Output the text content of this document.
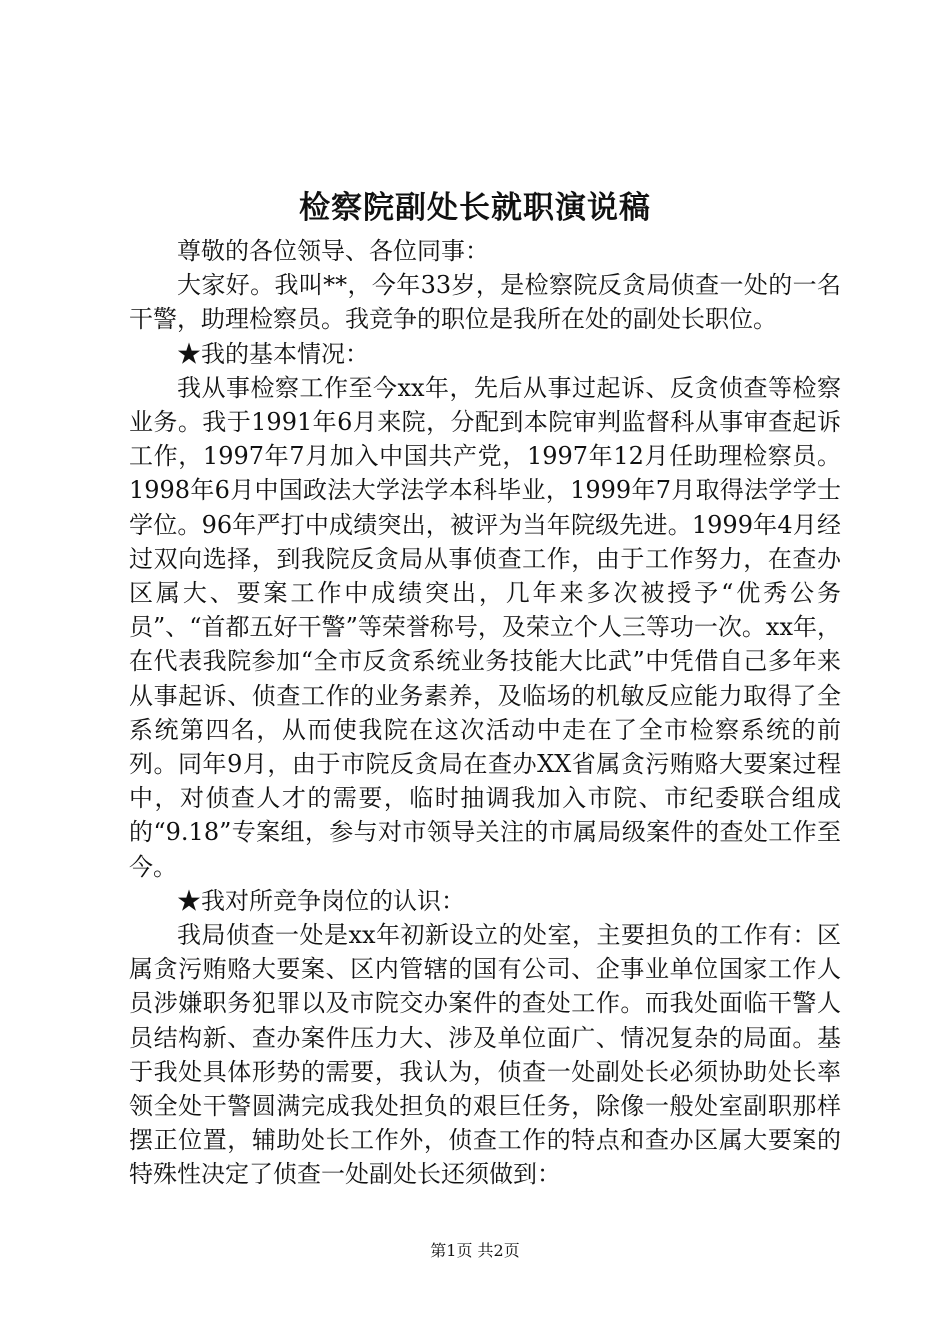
检察院副处长就职演说稿

尊敬的各位领导、各位同事：

大家好。我叫**，今年33岁，是检察院反贪局侦查一处的一名干警，助理检察员。我竞争的职位是我所在处的副处长职位。

★我的基本情况：

我从事检察工作至今xx年，先后从事过起诉、反贪侦查等检察业务。我于1991年6月来院，分配到本院审判监督科从事审查起诉工作，1997年7月加入中国共产党，1997年12月任助理检察员。1998年6月中国政法大学法学本科毕业，1999年7月取得法学学士学位。96年严打中成绩突出，被评为当年院级先进。1999年4月经过双向选择，到我院反贪局从事侦查工作，由于工作努力，在查办区属大、要案工作中成绩突出，几年来多次被授予“优秀公务员”、“首都五好干警”等荣誉称号，及荣立个人三等功一次。xx年，在代表我院参加“全市反贪系统业务技能大比武”中凭借自己多年来从事起诉、侦查工作的业务素养，及临场的机敏反应能力取得了全系统第四名，从而使我院在这次活动中走在了全市检察系统的前列。同年9月，由于市院反贪局在查办XX省属贪污贿赂大要案过程中，对侦查人才的需要，临时抽调我加入市院、市纪委联合组成的“9.18”专案组，参与对市领导关注的市属局级案件的查处工作至今。

★我对所竞争岗位的认识：

我局侦查一处是xx年初新设立的处室，主要担负的工作有：区属贪污贿赂大要案、区内管辖的国有公司、企事业单位国家工作人员涉嫌职务犯罪以及市院交办案件的查处工作。而我处面临干警人员结构新、查办案件压力大、涉及单位面广、情况复杂的局面。基于我处具体形势的需要，我认为，侦查一处副处长必须协助处长率领全处干警圆满完成我处担负的艰巨任务，除像一般处室副职那样摆正位置，辅助处长工作外，侦查工作的特点和查办区属大要案的特殊性决定了侦查一处副处长还须做到：

第1页 共2页
